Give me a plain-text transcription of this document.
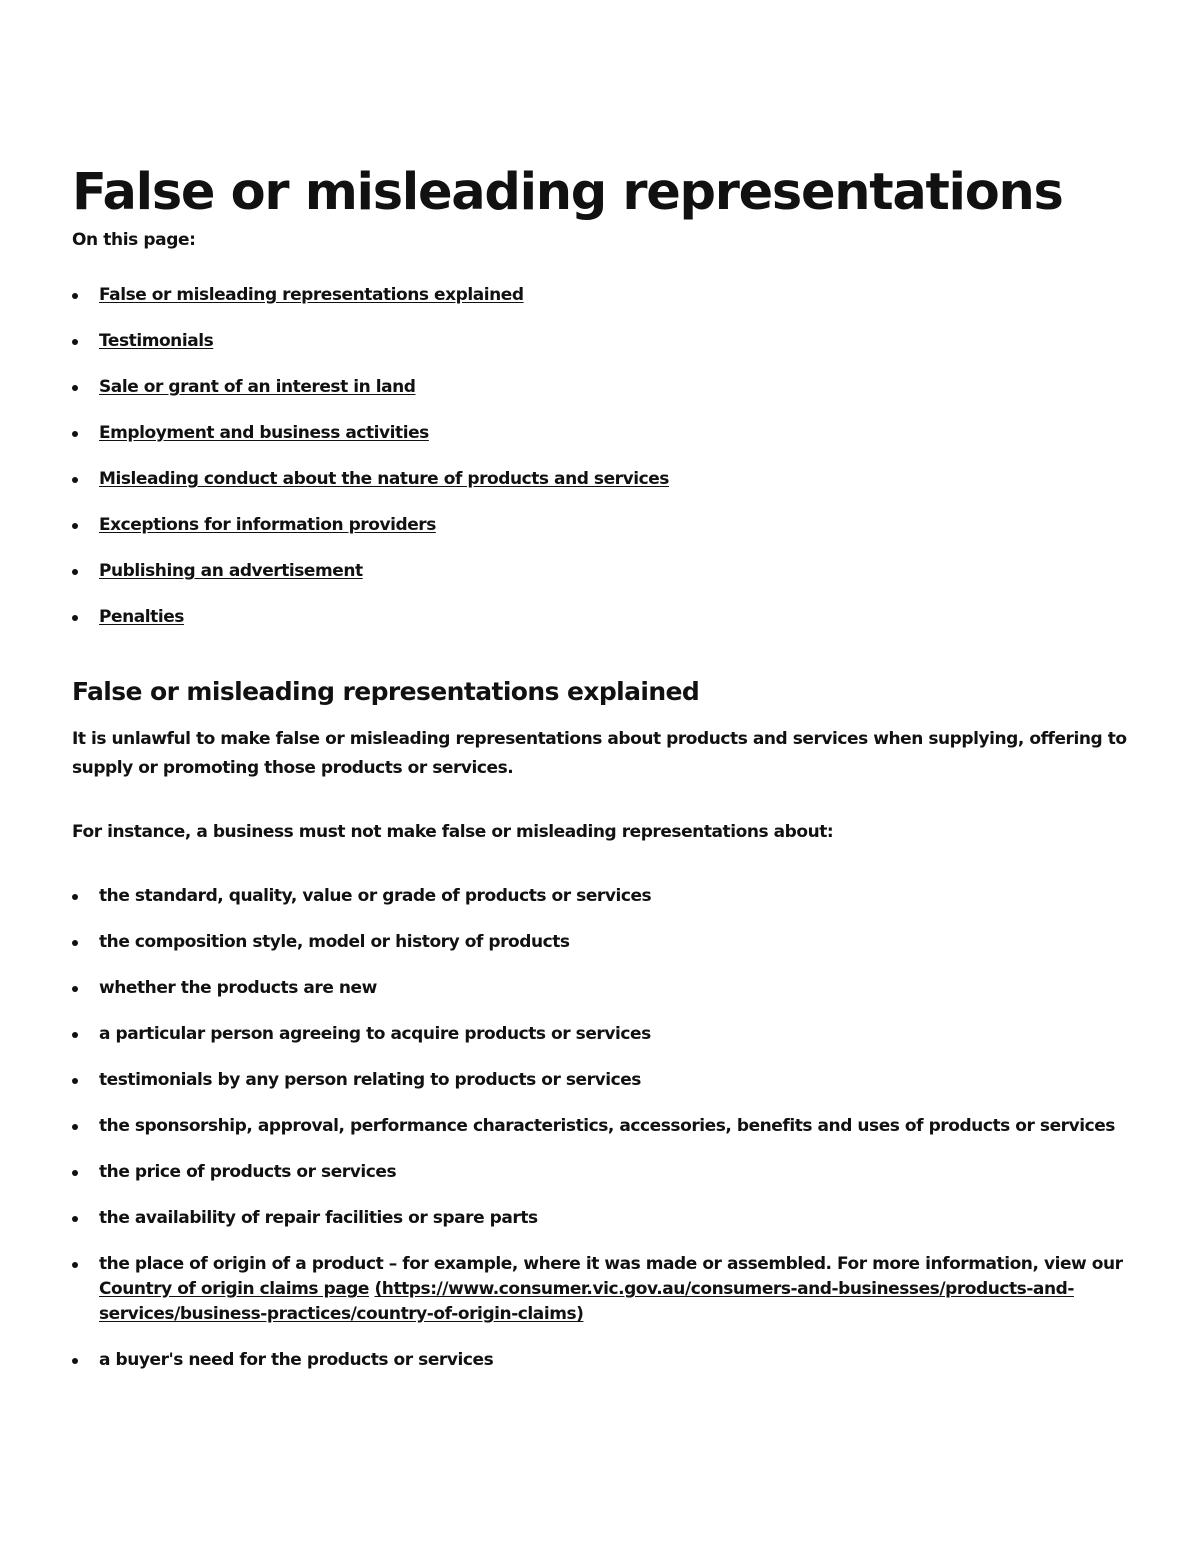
False or misleading representations

On this page:

False or misleading representations explained
Testimonials
Sale or grant of an interest in land
Employment and business activities
Misleading conduct about the nature of products and services
Exceptions for information providers
Publishing an advertisement
Penalties
False or misleading representations explained

It is unlawful to make false or misleading representations about products and services when supplying, offering to supply or promoting those products or services.

For instance, a business must not make false or misleading representations about:

the standard, quality, value or grade of products or services
the composition style, model or history of products
whether the products are new
a particular person agreeing to acquire products or services
testimonials by any person relating to products or services
the sponsorship, approval, performance characteristics, accessories, benefits and uses of products or services
the price of products or services
the availability of repair facilities or spare parts
the place of origin of a product – for example, where it was made or assembled. For more information, view our Country of origin claims page (https://www.consumer.vic.gov.au/consumers-and-businesses/products-and-services/business-practices/country-of-origin-claims)
a buyer's need for the products or services
